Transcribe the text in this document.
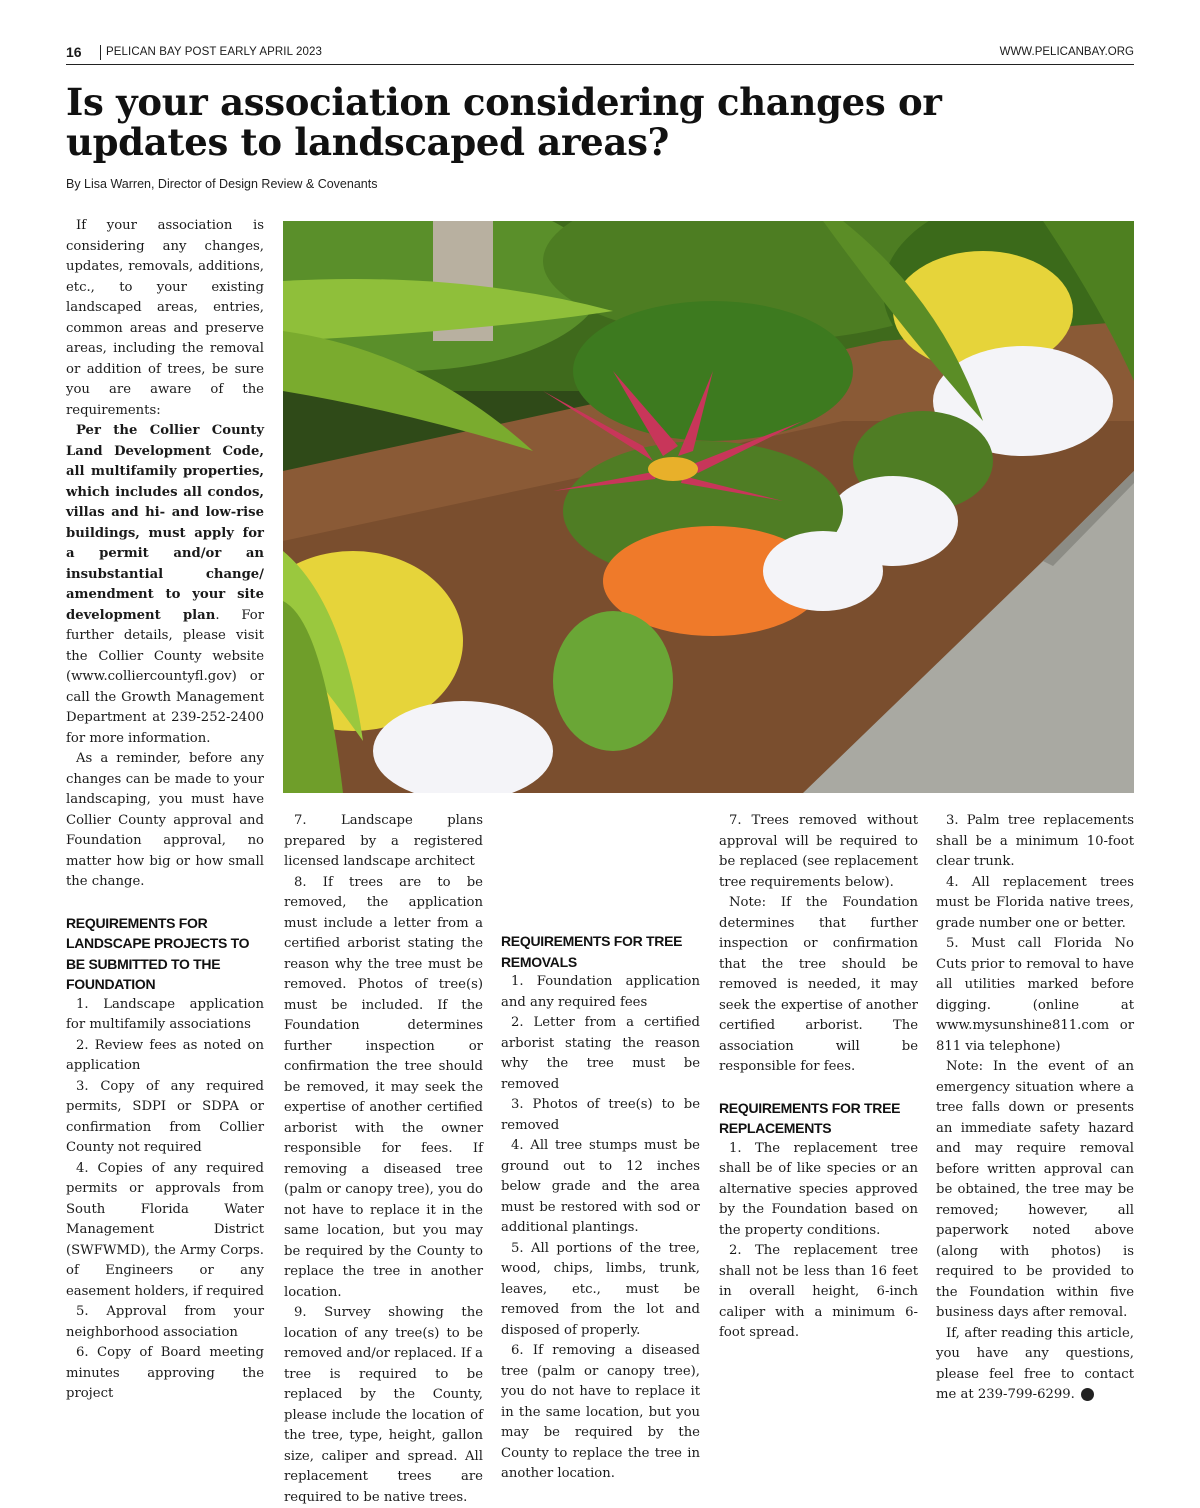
16 PELICAN BAY POST EARLY APRIL 2023	WWW.PELICANBAY.ORG
Is your association considering changes or updates to landscaped areas?
By Lisa Warren, Director of Design Review & Covenants

If your association is considering any changes, updates, removals, additions, etc., to your existing landscaped areas, entries, common areas and preserve areas, including the removal or addition of trees, be sure you are aware of the requirements:

Per the Collier County Land Development Code, all multifamily properties, which includes all condos, villas and hi- and low-rise buildings, must apply for a permit and/or an insubstantial change/ amendment to your site development plan. For further details, please visit the Collier County website (www.colliercountyfl.gov) or call the Growth Management Department at 239-252-2400 for more information.

As a reminder, before any changes can be made to your landscaping, you must have Collier County approval and Foundation approval, no matter how big or how small the change.

REQUIREMENTS FOR LANDSCAPE PROJECTS TO BE SUBMITTED TO THE FOUNDATION

1. Landscape application for multifamily associations

2. Review fees as noted on application

3. Copy of any required permits, SDPI or SDPA or confirmation from Collier County not required

4. Copies of any required permits or approvals from South Florida Water Management District (SWFWMD), the Army Corps. of Engineers or any easement holders, if required

5. Approval from your neighborhood association

6. Copy of Board meeting minutes approving the project

7. Landscape plans prepared by a registered licensed landscape architect

8. If trees are to be removed, the application must include a letter from a certified arborist stating the reason why the tree must be removed. Photos of tree(s) must be included. If the Foundation determines further inspection or confirmation the tree should be removed, it may seek the expertise of another certified arborist with the owner responsible for fees. If removing a diseased tree (palm or canopy tree), you do not have to replace it in the same location, but you may be required by the County to replace the tree in another location.

9. Survey showing the location of any tree(s) to be removed and/or replaced. If a tree is required to be replaced by the County, please include the location of the tree, type, height, gallon size, caliper and spread. All replacement trees are required to be native trees.

REQUIREMENTS FOR TREE REMOVALS

1. Foundation application and any required fees

2. Letter from a certified arborist stating the reason why the tree must be removed

3. Photos of tree(s) to be removed

4. All tree stumps must be ground out to 12 inches below grade and the area must be restored with sod or additional plantings.

5. All portions of the tree, wood, chips, limbs, trunk, leaves, etc., must be removed from the lot and disposed of properly.

6. If removing a diseased tree (palm or canopy tree), you do not have to replace it in the same location, but you may be required by the County to replace the tree in another location.

7. Trees removed without approval will be required to be replaced (see replacement tree requirements below).

Note: If the Foundation determines that further inspection or confirmation that the tree should be removed is needed, it may seek the expertise of another certified arborist. The association will be responsible for fees.

REQUIREMENTS FOR TREE REPLACEMENTS

1. The replacement tree shall be of like species or an alternative species approved by the Foundation based on the property conditions.

2. The replacement tree shall not be less than 16 feet in overall height, 6-inch caliper with a minimum 6-foot spread.

3. Palm tree replacements shall be a minimum 10-foot clear trunk.

4. All replacement trees must be Florida native trees, grade number one or better.

5. Must call Florida No Cuts prior to removal to have all utilities marked before digging. (online at www.mysunshine811.com or 811 via telephone)

Note: In the event of an emergency situation where a tree falls down or presents an immediate safety hazard and may require removal before written approval can be obtained, the tree may be removed; however, all paperwork noted above (along with photos) is required to be provided to the Foundation within five business days after removal.

If, after reading this article, you have any questions, please feel free to contact me at 239-799-6299.
